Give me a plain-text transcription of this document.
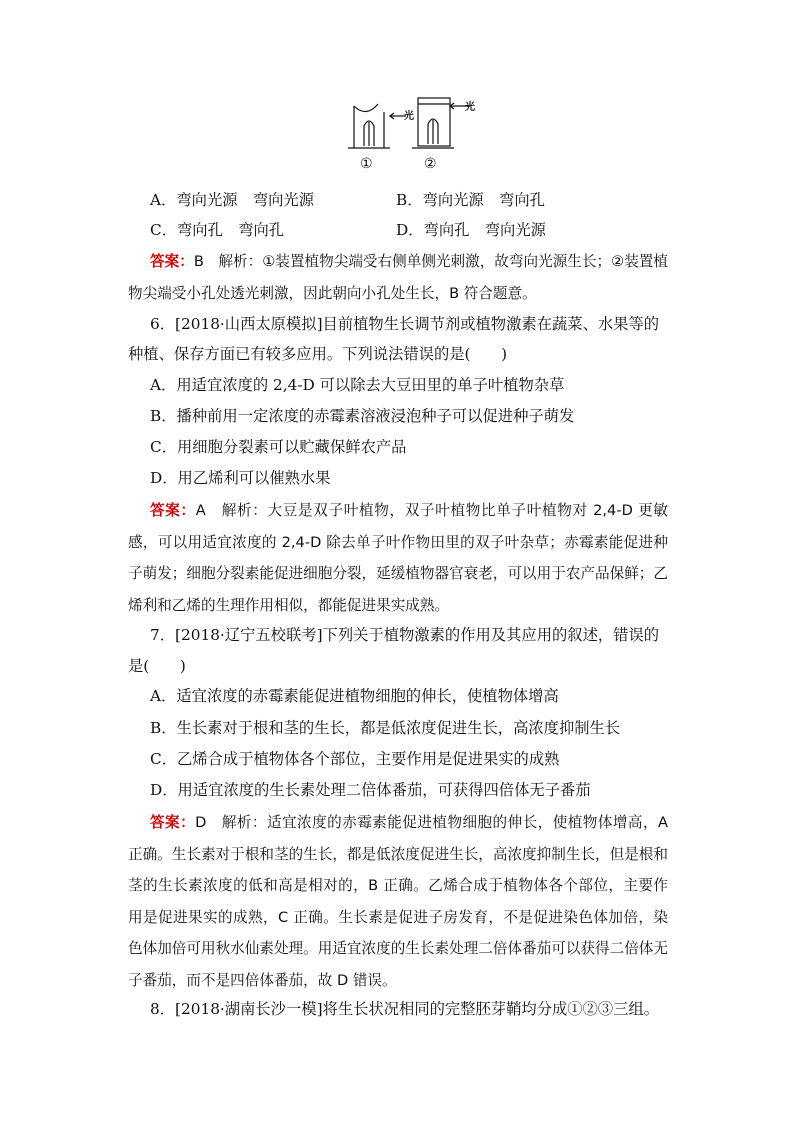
光
光
①	②
A．弯向光源　弯向光源	B．弯向光源　弯向孔
C．弯向孔　弯向孔	D．弯向孔　弯向光源
答案：B　 解析：①装置植物尖端受右侧单侧光刺激，故弯向光源生长；②装置植物尖端受小孔处透光刺激，因此朝向小孔处生长，B 符合题意。
6．[2018·山西太原模拟]目前植物生长调节剂或植物激素在蔬菜、水果等的
种植、保存方面已有较多应用。下列说法错误的是(　　)
A．用适宜浓度的 2,4-D 可以除去大豆田里的单子叶植物杂草
B．播种前用一定浓度的赤霉素溶液浸泡种子可以促进种子萌发
C．用细胞分裂素可以贮藏保鲜农产品
D．用乙烯利可以催熟水果
答案：A　 解析：大豆是双子叶植物，双子叶植物比单子叶植物对 2,4-D 更敏感，可以用适宜浓度的 2,4-D 除去单子叶作物田里的双子叶杂草；赤霉素能促进种子萌发；细胞分裂素能促进细胞分裂，延缓植物器官衰老，可以用于农产品保鲜；乙烯利和乙烯的生理作用相似，都能促进果实成熟。
7．[2018·辽宁五校联考]下列关于植物激素的作用及其应用的叙述，错误的
是(　　)
A．适宜浓度的赤霉素能促进植物细胞的伸长，使植物体增高
B．生长素对于根和茎的生长，都是低浓度促进生长，高浓度抑制生长
C．乙烯合成于植物体各个部位，主要作用是促进果实的成熟
D．用适宜浓度的生长素处理二倍体番茄，可获得四倍体无子番茄
答案：D　 解析：适宜浓度的赤霉素能促进植物细胞的伸长，使植物体增高，A 正确。生长素对于根和茎的生长，都是低浓度促进生长，高浓度抑制生长，但是根和茎的生长素浓度的低和高是相对的，B 正确。乙烯合成于植物体各个部位，主要作用是促进果实的成熟，C 正确。生长素是促进子房发育，不是促进染色体加倍，染色体加倍可用秋水仙素处理。用适宜浓度的生长素处理二倍体番茄可以获得二倍体无子番茄，而不是四倍体番茄，故 D 错误。
8．[2018·湖南长沙一模]将生长状况相同的完整胚芽鞘均分成①②③三组。
